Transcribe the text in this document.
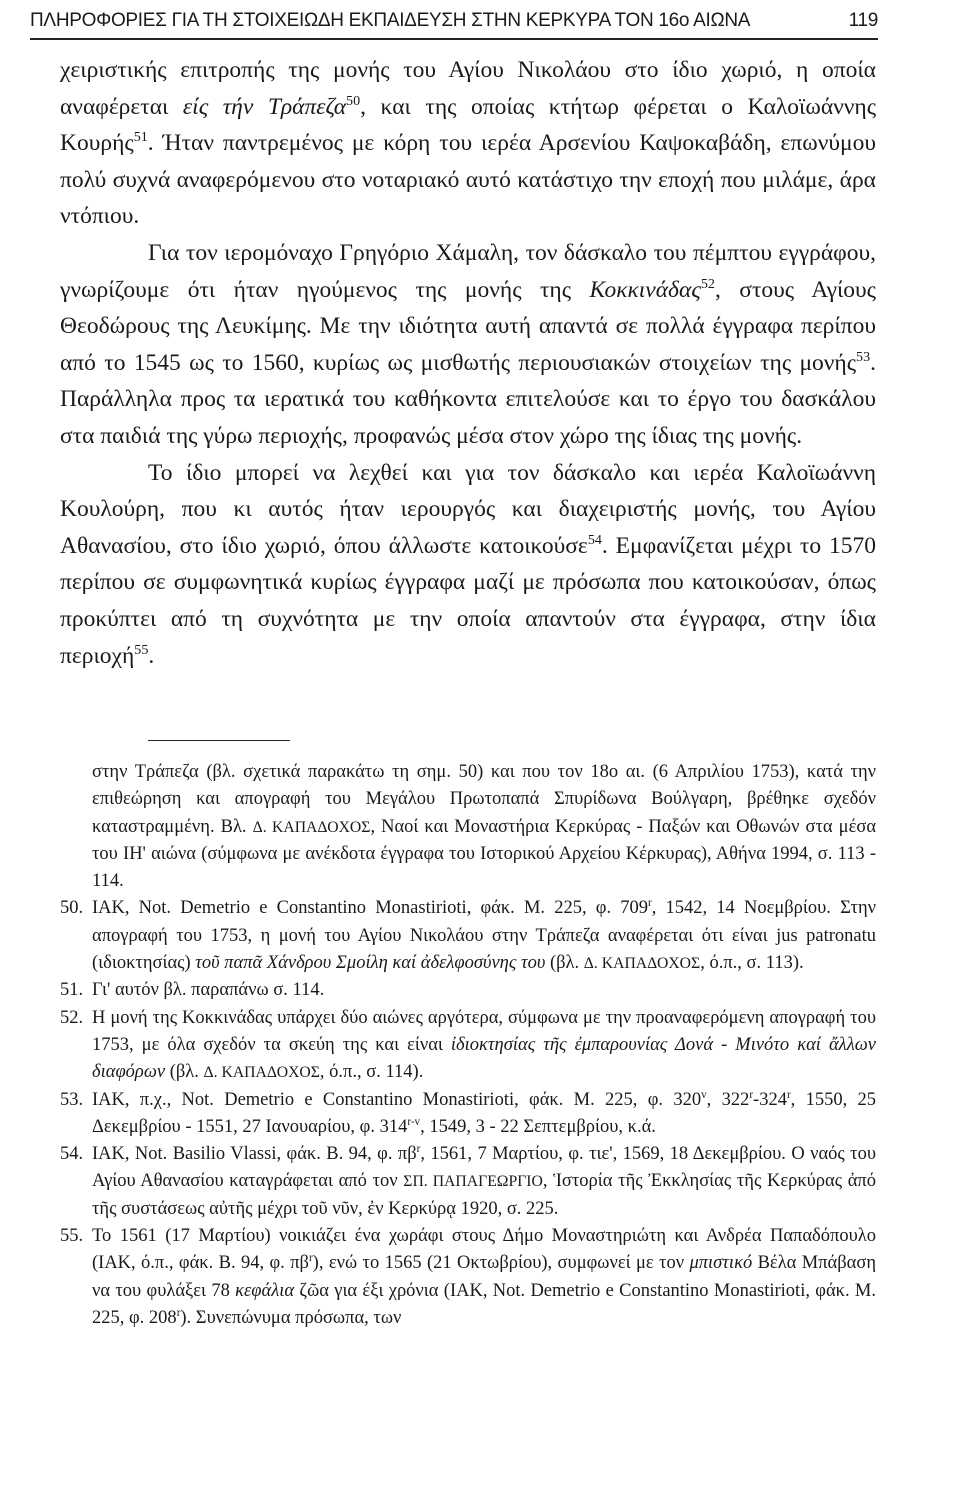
ΠΛΗΡΟΦΟΡΙΕΣ ΓΙΑ ΤΗ ΣΤΟΙΧΕΙΩΔΗ ΕΚΠΑΙΔΕΥΣΗ ΣΤΗΝ ΚΕΡΚΥΡΑ ΤΟΝ 16ο ΑΙΩΝΑ	119

χειριστικής επιτροπής της μονής του Αγίου Νικολάου στο ίδιο χωριό, η οποία αναφέρεται είς τήν Τράπεζα$^{50}$, και της οποίας κτήτωρ φέρεται ο Καλοϊωάννης Κουρής$^{51}$. Ήταν παντρεμένος με κόρη του ιερέα Αρσενίου Καψοκαβάδη, επωνύμου πολύ συχνά αναφερόμενου στο νοταριακό αυτό κατάστιχο την εποχή που μιλάμε, άρα ντόπιου.

Για τον ιερομόναχο Γρηγόριο Χάμαλη, τον δάσκαλο του πέμπτου εγγράφου, γνωρίζουμε ότι ήταν ηγούμενος της μονής της Κοκκινάδας$^{52}$, στους Αγίους Θεοδώρους της Λευκίμης. Με την ιδιότητα αυτή απαντά σε πολλά έγγραφα περίπου από το 1545 ως το 1560, κυρίως ως μισθωτής περιουσιακών στοιχείων της μονής$^{53}$. Παράλληλα προς τα ιερατικά του καθήκοντα επιτελούσε και το έργο του δασκάλου στα παιδιά της γύρω περιοχής, προφανώς μέσα στον χώρο της ίδιας της μονής.

Το ίδιο μπορεί να λεχθεί και για τον δάσκαλο και ιερέα Καλοϊωάννη Κουλούρη, που κι αυτός ήταν ιερουργός και διαχειριστής μονής, του Αγίου Αθανασίου, στο ίδιο χωριό, όπου άλλωστε κατοικούσε$^{54}$. Εμφανίζεται μέχρι το 1570 περίπου σε συμφωνητικά κυρίως έγγραφα μαζί με πρόσωπα που κατοικούσαν, όπως προκύπτει από τη συχνότητα με την οποία απαντούν στα έγγραφα, στην ίδια περιοχή$^{55}$.

στην Τράπεζα (βλ. σχετικά παρακάτω τη σημ. 50) και που τον 18ο αι. (6 Απριλίου 1753), κατά την επιθεώρηση και απογραφή του Μεγάλου Πρωτοπαπά Σπυρίδωνα Βούλγαρη, βρέθηκε σχεδόν καταστραμμένη. Βλ. Δ. ΚΑΠΑΔΟΧΟΣ, Ναοί και Μοναστήρια Κερκύρας - Παξών και Οθωνών στα μέσα του ΙΗ' αιώνα (σύμφωνα με ανέκδοτα έγγραφα του Ιστορικού Αρχείου Κέρκυρας), Αθήνα 1994, σ. 113 - 114.
50. ΙΑΚ, Not. Demetrio e Constantino Monastirioti, φάκ. Μ. 225, φ. 709$^r$, 1542, 14 Νοεμβρίου. Στην απογραφή του 1753, η μονή του Αγίου Νικολάου στην Τράπεζα αναφέρεται ότι είναι jus patronatu (ιδιοκτησίας) τοῦ παπᾶ Χάνδρου Σμοίλη καί ἀδελφοσύνης του (βλ. Δ. ΚΑΠΑΔΟΧΟΣ, ό.π., σ. 113).
51. Γι' αυτόν βλ. παραπάνω σ. 114.
52. Η μονή της Κοκκινάδας υπάρχει δύο αιώνες αργότερα, σύμφωνα με την προαναφερόμενη απογραφή του 1753, με όλα σχεδόν τα σκεύη της και είναι ἰδιοκτησίας τῆς ἐμπαρουνίας Δονά - Μινότο καί ἄλλων διαφόρων (βλ. Δ. ΚΑΠΑΔΟΧΟΣ, ό.π., σ. 114).
53. ΙΑΚ, π.χ., Not. Demetrio e Constantino Monastirioti, φάκ. Μ. 225, φ. 320$^v$, 322$^r$-324$^r$, 1550, 25 Δεκεμβρίου - 1551, 27 Ιανουαρίου, φ. 314$^{r-v}$, 1549, 3 - 22 Σεπτεμβρίου, κ.ά.
54. ΙΑΚ, Not. Basilio Vlassi, φάκ. Β. 94, φ. $\pi\beta^r$, 1561, 7 Μαρτίου, φ. τιε', 1569, 18 Δεκεμβρίου. Ο ναός του Αγίου Αθανασίου καταγράφεται από τον ΣΠ. ΠΑΠΑΓΕΩΡΓΙΟ, Ἱστορία τῆς Ἐκκλησίας τῆς Κερκύρας ἀπό τῆς συστάσεως αὐτῆς μέχρι τοῦ νῦν, ἐν Κερκύρᾳ 1920, σ. 225.
55. Το 1561 (17 Μαρτίου) νοικιάζει ένα χωράφι στους Δήμο Μοναστηριώτη και Ανδρέα Παπαδόπουλο (ΙΑΚ, ό.π., φάκ. Β. 94, φ. $\pi\beta^r$), ενώ το 1565 (21 Οκτωβρίου), συμφωνεί με τον μπιστικό Βέλα Μπάβαση να του φυλάξει 78 κεφάλια ζῶα για έξι χρόνια (ΙΑΚ, Not. Demetrio e Constantino Monastirioti, φάκ. Μ. 225, φ. 208$^r$). Συνεπώνυμα πρόσωπα, των
